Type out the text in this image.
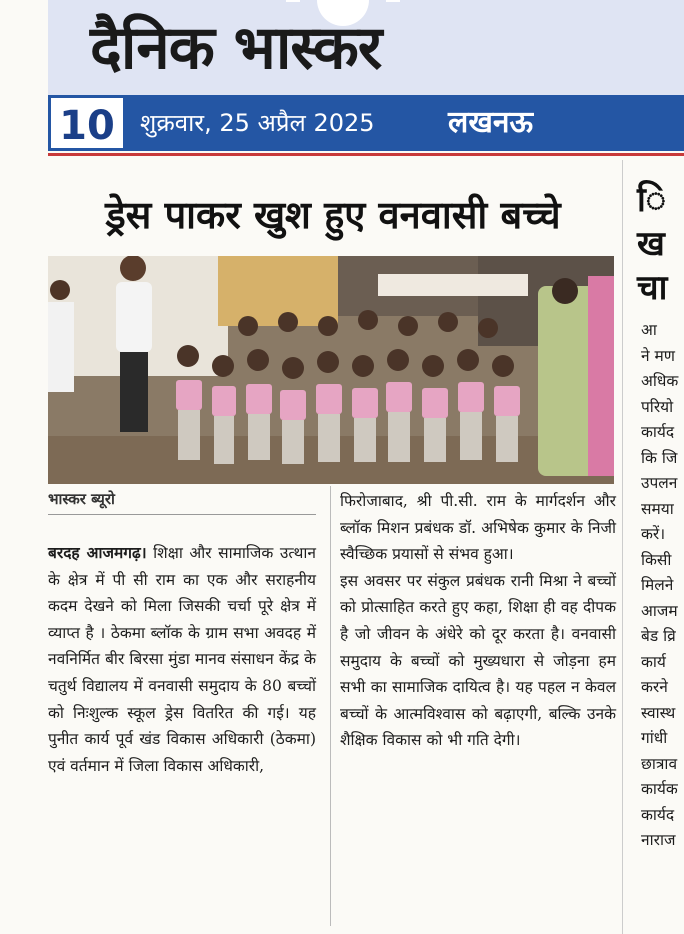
दैनिक भास्कर
10	शुक्रवार, 25 अप्रैल 2025 लखनऊ
ड्रेस पाकर खुश हुए वनवासी बच्चे
भास्कर ब्यूरो

बरदह आजमगढ़। शिक्षा और सामाजिक उत्थान के क्षेत्र में पी सी राम का एक और सराहनीय कदम देखने को मिला जिसकी चर्चा पूरे क्षेत्र में व्याप्त है । ठेकमा ब्लॉक के ग्राम सभा अवदह में नवनिर्मित बीर बिरसा मुंडा मानव संसाधन केंद्र के चतुर्थ विद्यालय में वनवासी समुदाय के 80 बच्चों को निःशुल्क स्कूल ड्रेस वितरित की गई। यह पुनीत कार्य पूर्व खंड विकास अधिकारी (ठेकमा) एवं वर्तमान में जिला विकास अधिकारी,

फिरोजाबाद, श्री पी.सी. राम के मार्गदर्शन और ब्लॉक मिशन प्रबंधक डॉ. अभिषेक कुमार के निजी स्वैच्छिक प्रयासों से संभव हुआ।

इस अवसर पर संकुल प्रबंधक रानी मिश्रा ने बच्चों को प्रोत्साहित करते हुए कहा, शिक्षा ही वह दीपक है जो जीवन के अंधेरे को दूर करता है। वनवासी समुदाय के बच्चों को मुख्यधारा से जोड़ना हम सभी का सामाजिक दायित्व है। यह पहल न केवल बच्चों के आत्मविश्वास को बढ़ाएगी, बल्कि उनके शैक्षिक विकास को भी गति देगी।

ि
ख
चा
आ
ने मण
अधिक
परियो
कार्यद
कि जि
उपलन
समया
करें।
किसी
मिलने
आजम
बेड व्रि
कार्य
करने
स्वास्थ
गांधी
छात्राव
कार्यक
कार्यद
नाराज
